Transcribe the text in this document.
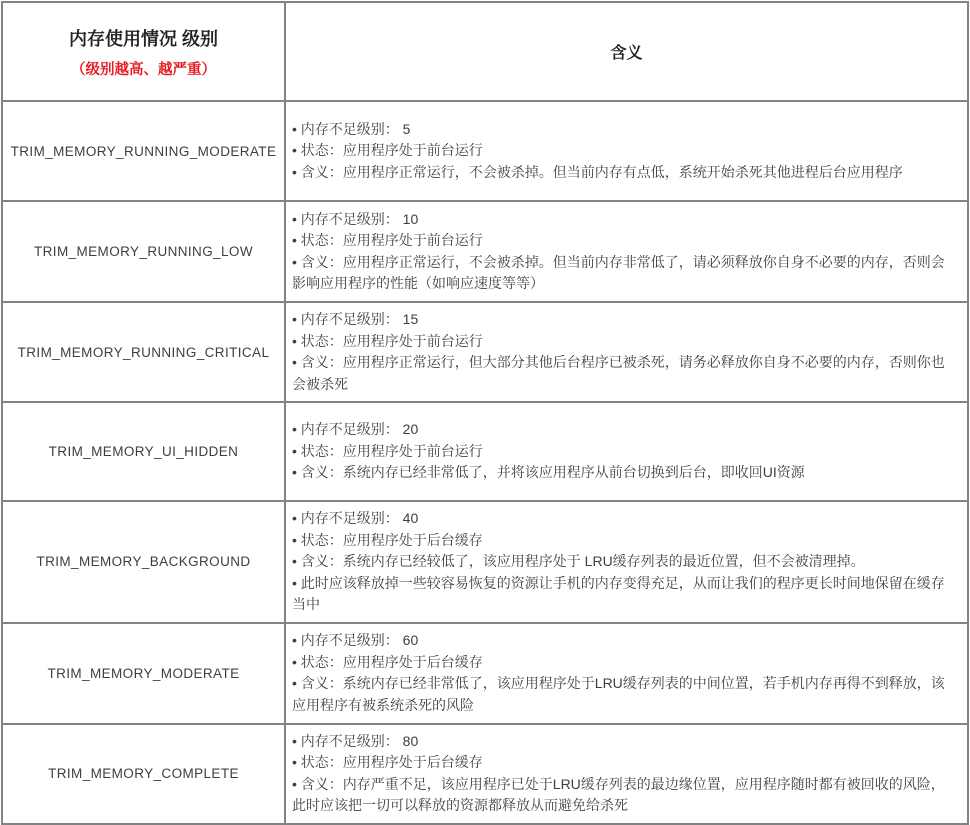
内存使用情况 级别
（级别越高、越严重）	含义

TRIM_MEMORY_RUNNING_MODERATE	• 内存不足级别： 5
• 状态：应用程序处于前台运行
• 含义：应用程序正常运行，不会被杀掉。但当前内存有点低，系统开始杀死其他进程后台应用程序

TRIM_MEMORY_RUNNING_LOW	• 内存不足级别： 10
• 状态：应用程序处于前台运行
• 含义：应用程序正常运行，不会被杀掉。但当前内存非常低了，请必须释放你自身不必要的内存，否则会影响应用程序的性能（如响应速度等等）

TRIM_MEMORY_RUNNING_CRITICAL	• 内存不足级别： 15
• 状态：应用程序处于前台运行
• 含义：应用程序正常运行，但大部分其他后台程序已被杀死，请务必释放你自身不必要的内存，否则你也会被杀死

TRIM_MEMORY_UI_HIDDEN	• 内存不足级别： 20
• 状态：应用程序处于前台运行
• 含义：系统内存已经非常低了，并将该应用程序从前台切换到后台，即收回UI资源

TRIM_MEMORY_BACKGROUND	• 内存不足级别： 40
• 状态：应用程序处于后台缓存
• 含义：系统内存已经较低了，该应用程序处于 LRU缓存列表的最近位置，但不会被清理掉。
• 此时应该释放掉一些较容易恢复的资源让手机的内存变得充足，从而让我们的程序更长时间地保留在缓存当中

TRIM_MEMORY_MODERATE	• 内存不足级别： 60
• 状态：应用程序处于后台缓存
• 含义：系统内存已经非常低了，该应用程序处于LRU缓存列表的中间位置，若手机内存再得不到释放，该应用程序有被系统杀死的风险

TRIM_MEMORY_COMPLETE	• 内存不足级别： 80
• 状态：应用程序处于后台缓存
• 含义：内存严重不足，该应用程序已处于LRU缓存列表的最边缘位置，应用程序随时都有被回收的风险，此时应该把一切可以释放的资源都释放从而避免给杀死
